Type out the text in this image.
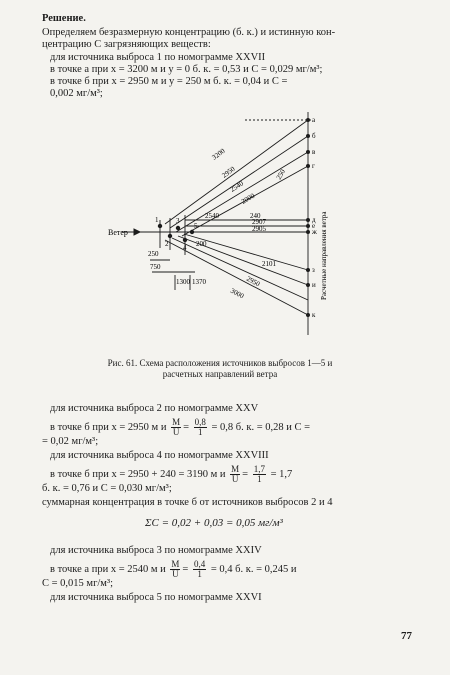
Решение.
Определяем безразмерную концентрацию (б. к.) и истинную кон-
центрацию C загрязняющих веществ:
для источника выброса 1 по номограмме XXVII
в точке a при x = 3200 м и y = 0 б. к. = 0,53 и C = 0,029 мг/м³;
в точке б при x = 2950 м и y = 250 м б. к. = 0,04 и C =
0,002 мг/м³;
Ветер
3200
2950
2540
2000
250
240
2907
2905
2540
200
250
750
1300 1370
2101
2950
3000
a
б
в
г
д
е
ж
з
и
к
1
2
3
4
5	Расчетные направления ветра
Рис. 61. Схема расположения источников выбросов 1—5 и
расчетных направлений ветра
для источника выброса 2 по номограмме XXV
в точке б при x = 2950 м и $\frac{M}{U} = \frac{0,8}{1} = 0,8$ б. к. = 0,28 и C =
= 0,02 мг/м³;
для источника выброса 4 по номограмме XXVIII
в точке б при x = 2950 + 240 = 3190 м и $\frac{M}{U} = \frac{1,7}{1} = 1,7$
б. к. = 0,76 и C = 0,030 мг/м³;
суммарная концентрация в точке б от источников выбросов 2 и 4
ΣC = 0,02 + 0,03 = 0,05 мг/м³
для источника выброса 3 по номограмме XXIV
в точке a при x = 2540 м и $\frac{M}{U} = \frac{0,4}{1} = 0,4$ б. к. = 0,245 и
C = 0,015 мг/м³;
для источника выброса 5 по номограмме XXVI
77
